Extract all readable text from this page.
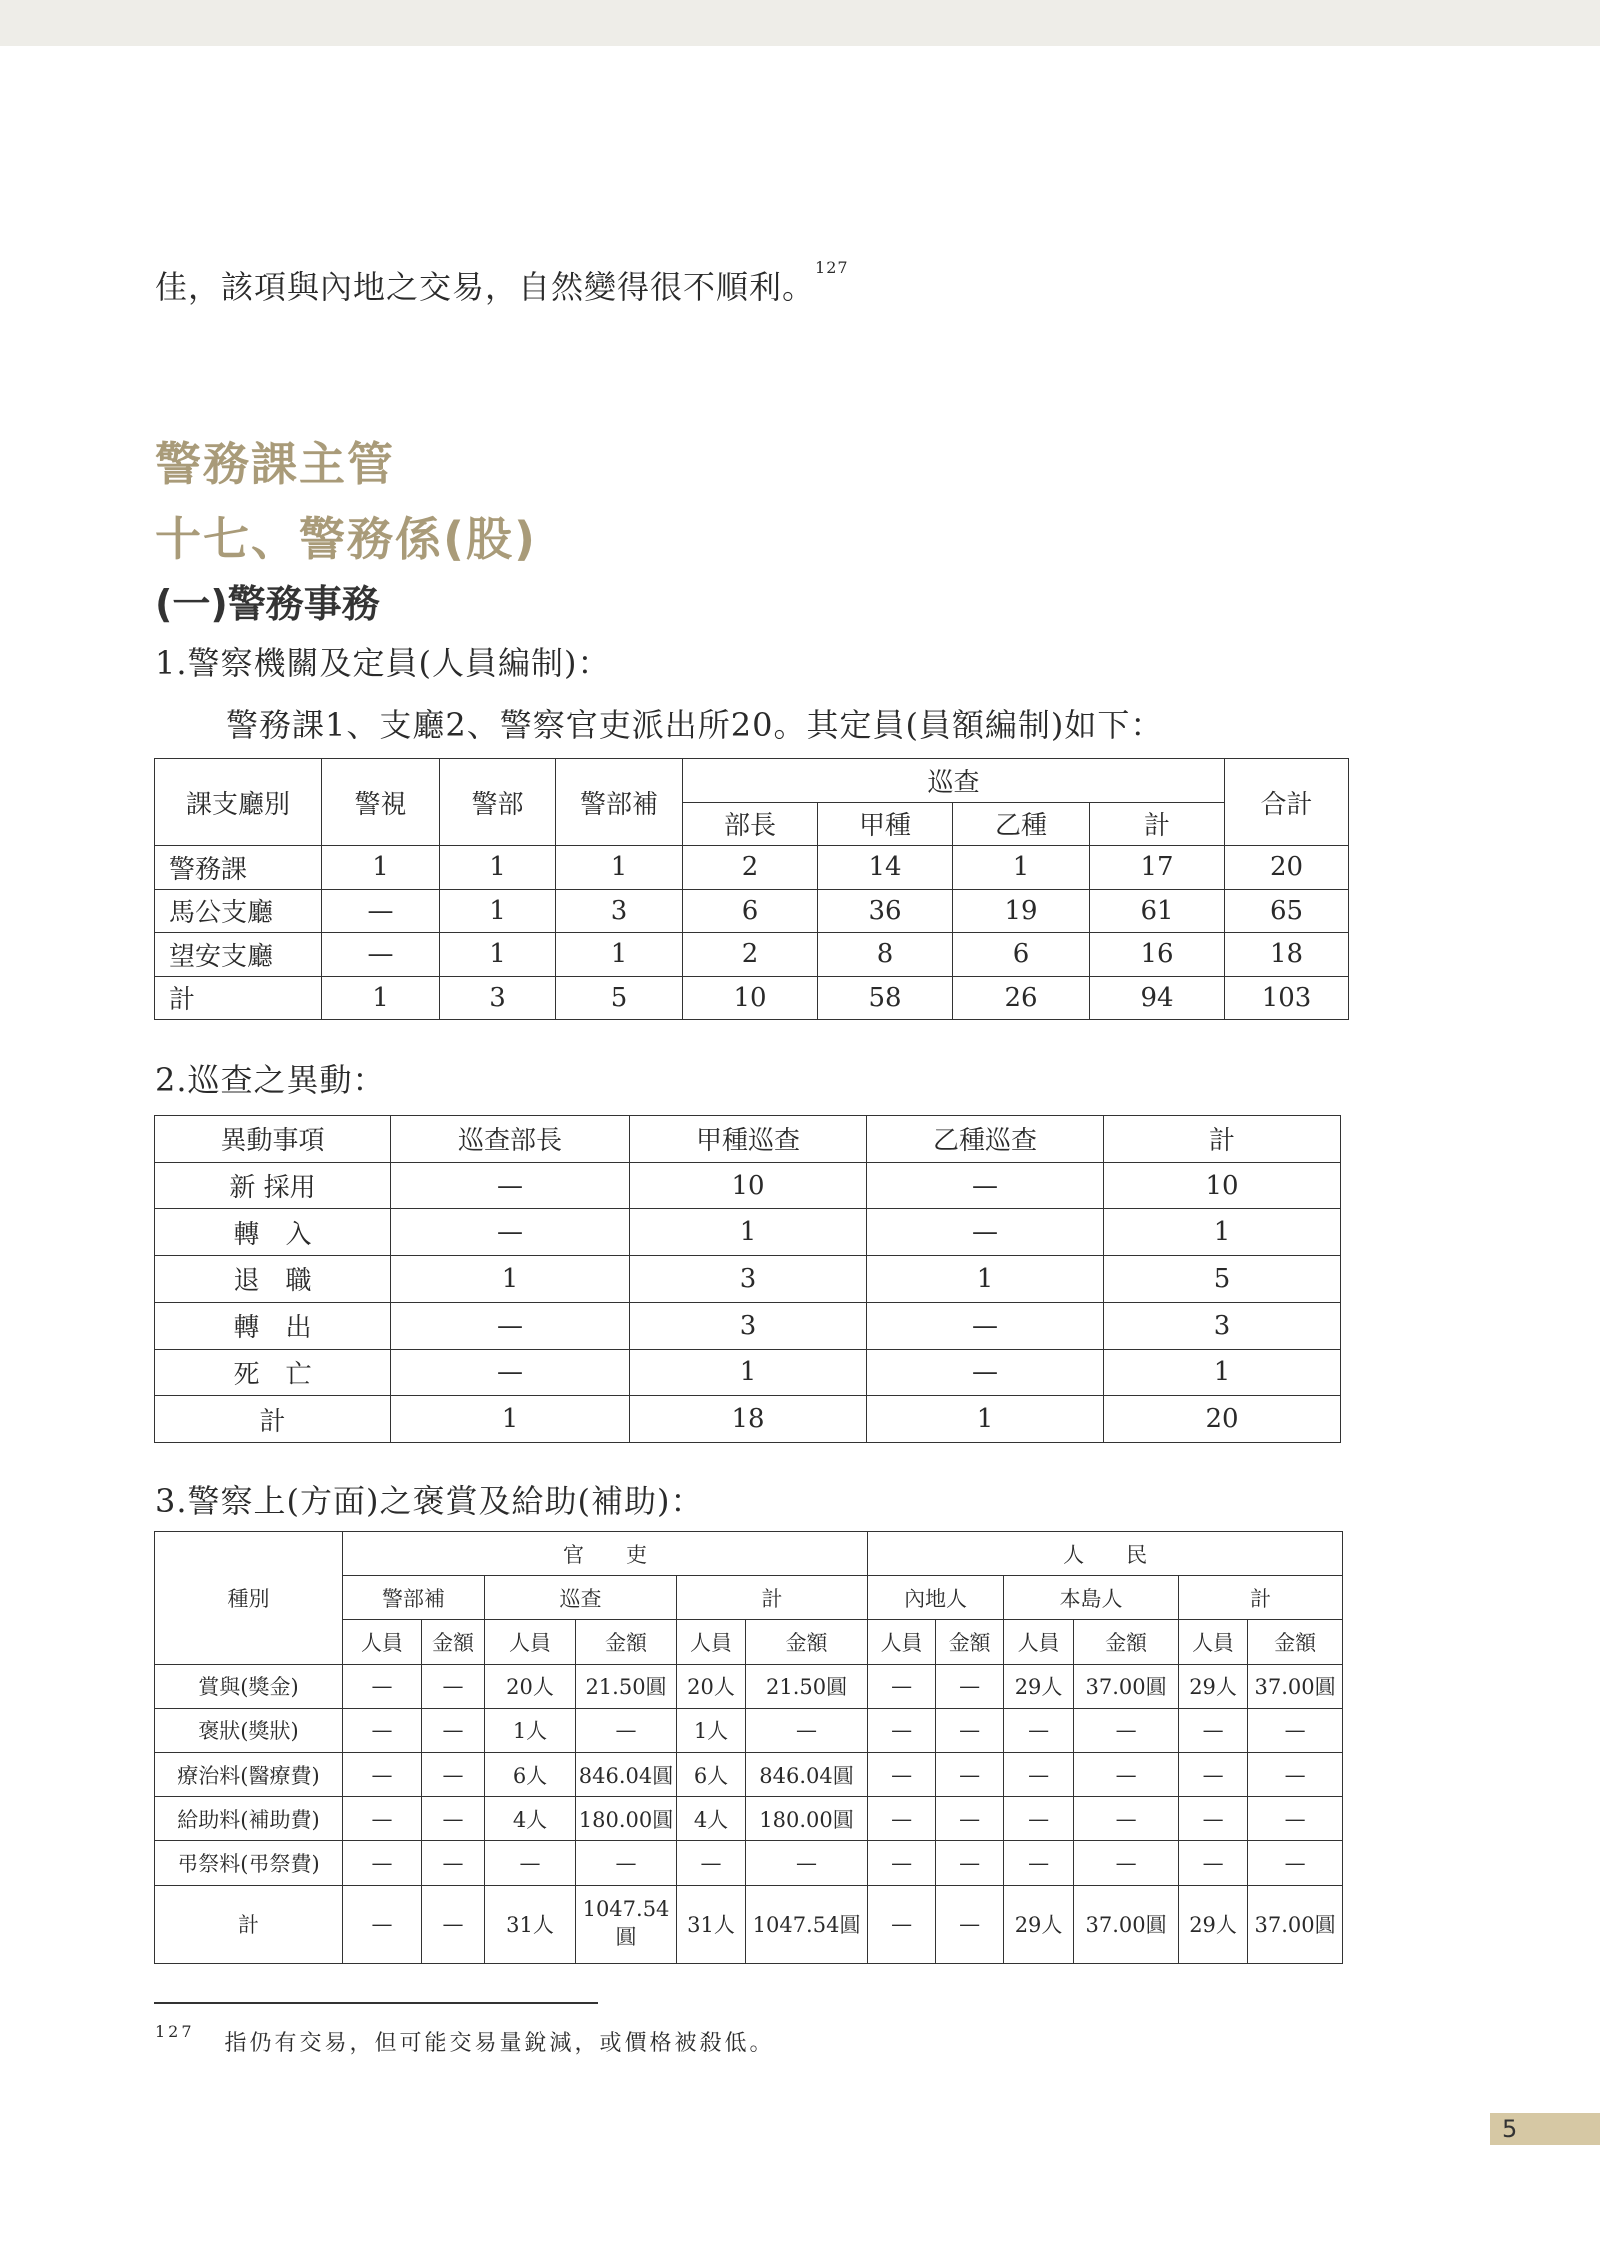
佳，該項與內地之交易，自然變得很不順利。$^{127}$
警務課主管
十七、警務係(股)
(一)警務事務
1.警察機關及定員(人員編制)：
警務課1、支廳2、警察官吏派出所20。其定員(員額編制)如下：
課支廳別	警視	警部	警部補	巡查				合計
				部長	甲種	乙種	計	
警務課	1	1	1	2	14	1	17	20
馬公支廳	—	1	3	6	36	19	61	65
望安支廳	—	1	1	2	8	6	16	18
計	1	3	5	10	58	26	94	103
2.巡查之異動：
異動事項	巡查部長	甲種巡查	乙種巡查	計
新 採用	—	10	—	10
轉　入	—	1	—	1
退　職	1	3	1	5
轉　出	—	3	—	3
死　亡	—	1	—	1
計	1	18	1	20
3.警察上(方面)之褒賞及給助(補助)：
種別	官　　吏						人　　民					
	警部補		巡查		計		內地人		本島人		計	
	人員	金額	人員	金額	人員	金額	人員	金額	人員	金額	人員	金額
賞與(獎金)	—	—	20人	21.50圓	20人	21.50圓	—	—	29人	37.00圓	29人	37.00圓
褒狀(獎狀)	—	—	1人	—	1人	—	—	—	—	—	—	—
療治料(醫療費)	—	—	6人	846.04圓	6人	846.04圓	—	—	—	—	—	—
給助料(補助費)	—	—	4人	180.00圓	4人	180.00圓	—	—	—	—	—	—
弔祭料(弔祭費)	—	—	—	—	—	—	—	—	—	—	—	—
計	—	—	31人	1047.54圓	31人	1047.54圓	—	—	29人	37.00圓	29人	37.00圓
$^{127}$ 指仍有交易，但可能交易量銳減，或價格被殺低。
5
